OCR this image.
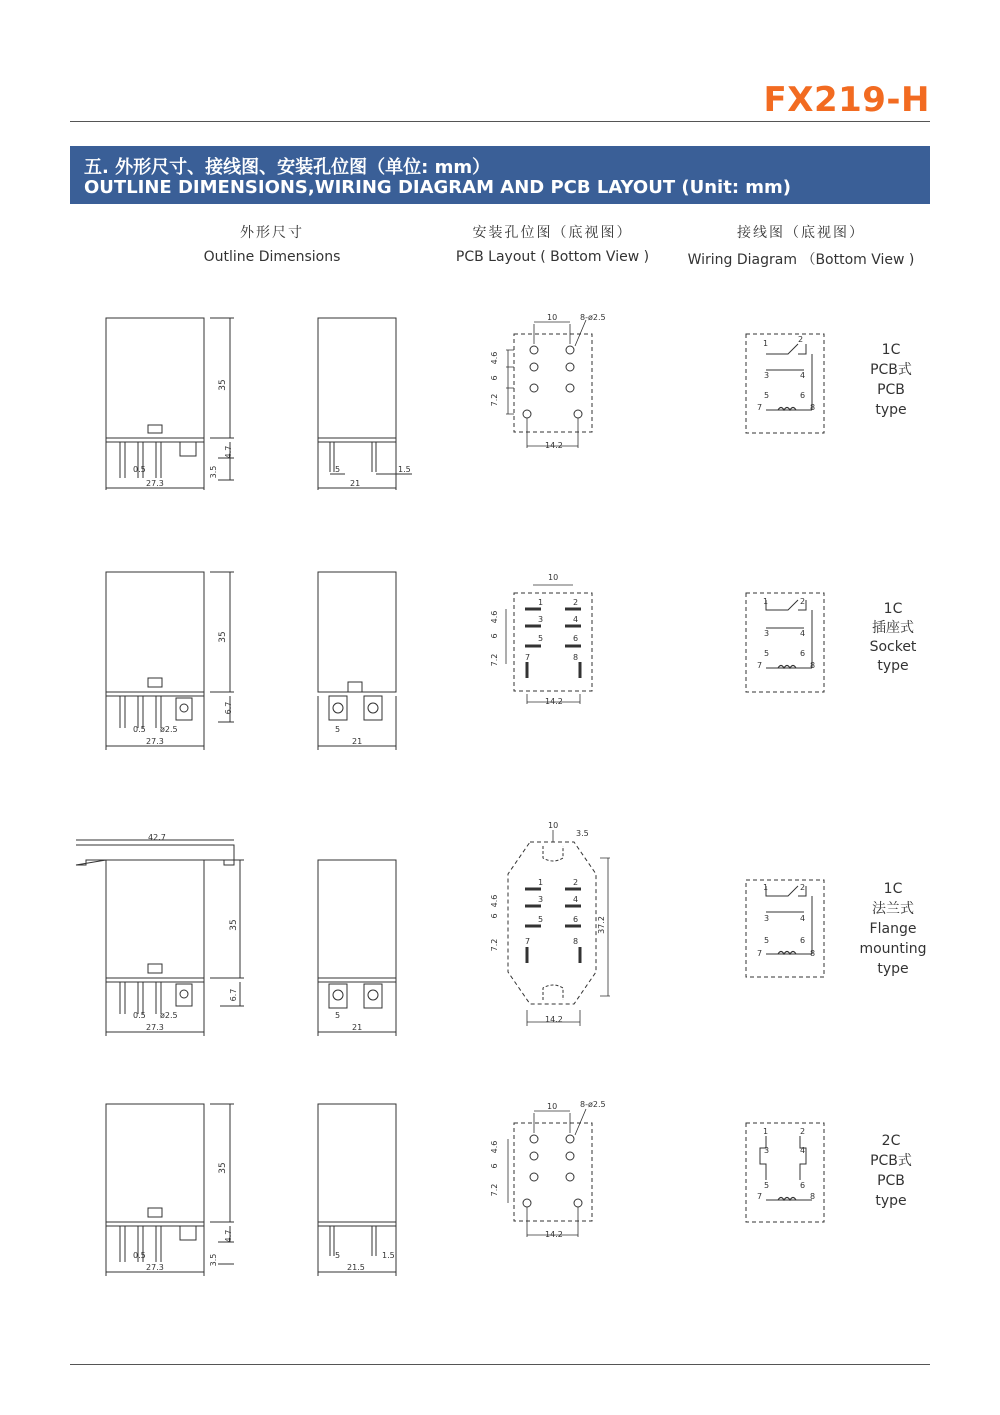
FX219-H
五. 外形尺寸、接线图、安装孔位图（单位: mm）
OUTLINE DIMENSIONS,WIRING DIAGRAM AND PCB LAYOUT (Unit: mm)
外形尺寸
Outline Dimensions
安装孔位图（底视图）
PCB Layout ( Bottom View )
接线图（底视图）
Wiring Diagram （Bottom View )
35
4.7
3.5
0.5
27.3
5	1.5
21
10	8-ø2.5
14.2
4.6
6
7.2
1	2
3	4
5	6
7	8
35
6.7
0.5 ø2.5
27.3
5
21
10
14.2
1	2
3	4
5	6
7	8
4.6
6
7.2
1	2
3	4
5	6
7	8
42.7
35
6.7
0.5 ø2.5
27.3
5
21
10
3.5
14.2
1	2
3	4
5	6
7	8
4.6
6
7.2
37.2
1	2
3	4
5	6
7	8
35
4.7
3.5
0.5
27.3
5	1.5
21.5
10	8-ø2.5
14.2
4.6
6
7.2
1	2
3	4
5	6
7	8
1C
PCB式
PCB
type
1C
插座式
Socket
type
1C
法兰式
Flange
mounting
type
2C
PCB式
PCB
type
